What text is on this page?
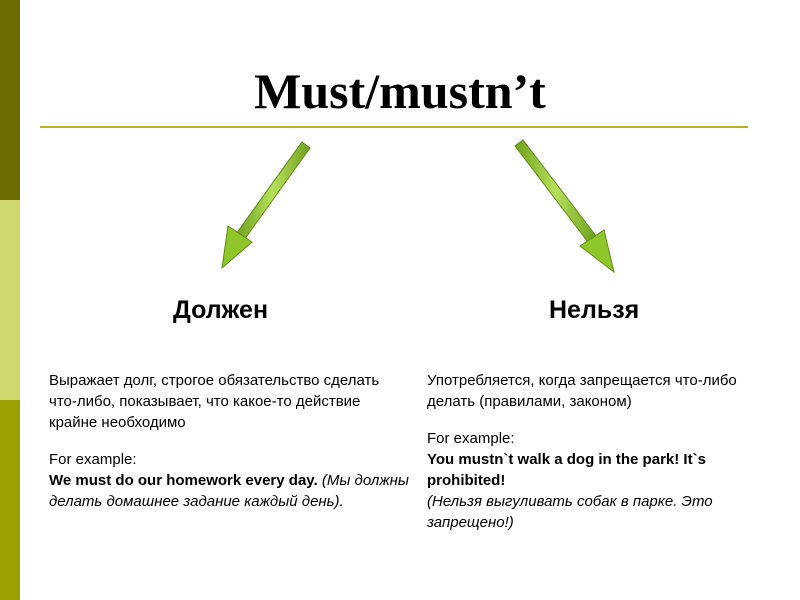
Must/mustn’t
Должен	Нельзя

Выражает долг, строгое обязательство сделать что-либо, показывает, что какое-то действие крайне необходимо

For example:

We must do our homework every day. (Мы должны делать домашнее задание каждый день).

Употребляется, когда запрещается что-либо делать (правилами, законом)

For example:

You mustn`t walk a dog in the park! It`s prohibited!

(Нельзя выгуливать собак в парке. Это запрещено!)
